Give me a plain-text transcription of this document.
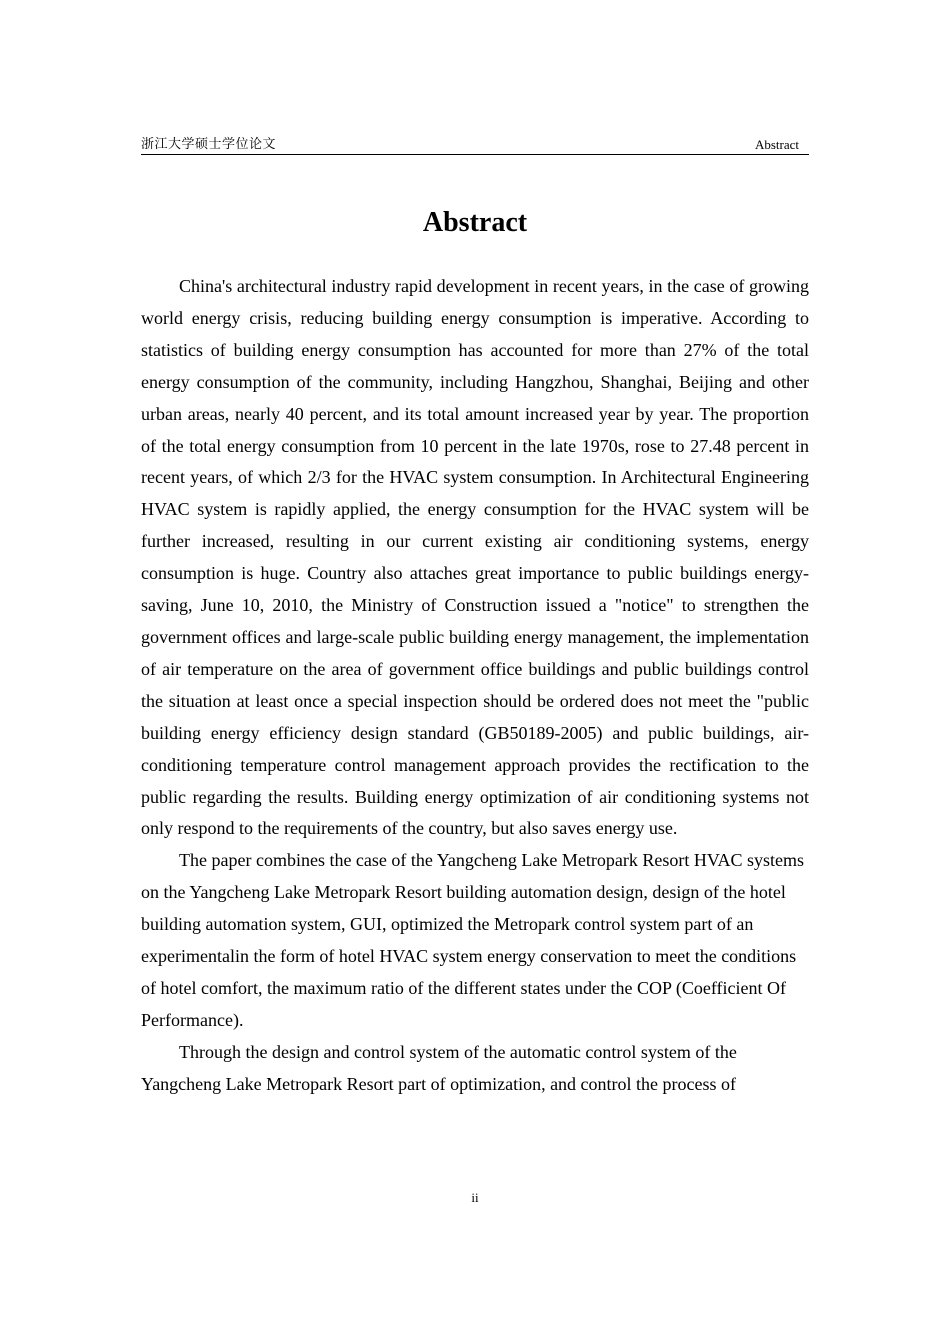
浙江大学硕士学位论文	Abstract
Abstract

China's architectural industry rapid development in recent years, in the case of growing world energy crisis, reducing building energy consumption is imperative. According to statistics of building energy consumption has accounted for more than 27% of the total energy consumption of the community, including Hangzhou, Shanghai, Beijing and other urban areas, nearly 40 percent, and its total amount increased year by year. The proportion of the total energy consumption from 10 percent in the late 1970s, rose to 27.48 percent in recent years, of which 2/3 for the HVAC system consumption. In Architectural Engineering HVAC system is rapidly applied, the energy consumption for the HVAC system will be further increased, resulting in our current existing air conditioning systems, energy consumption is huge. Country also attaches great importance to public buildings energy-saving, June 10, 2010, the Ministry of Construction issued a "notice" to strengthen the government offices and large-scale public building energy management, the implementation of air temperature on the area of government office buildings and public buildings control the situation at least once a special inspection should be ordered does not meet the "public building energy efficiency design standard (GB50189-2005) and public buildings, air-conditioning temperature control management approach provides the rectification to the public regarding the results. Building energy optimization of air conditioning systems not only respond to the requirements of the country, but also saves energy use.

The paper combines the case of the Yangcheng Lake Metropark Resort HVAC systems on the Yangcheng Lake Metropark Resort building automation design, design of the hotel building automation system, GUI, optimized the Metropark control system part of an experimentalin the form of hotel HVAC system energy conservation to meet the conditions of hotel comfort, the maximum ratio of the different states under the COP (Coefficient Of Performance).

Through the design and control system of the automatic control system of the Yangcheng Lake Metropark Resort part of optimization, and control the process of

ii
